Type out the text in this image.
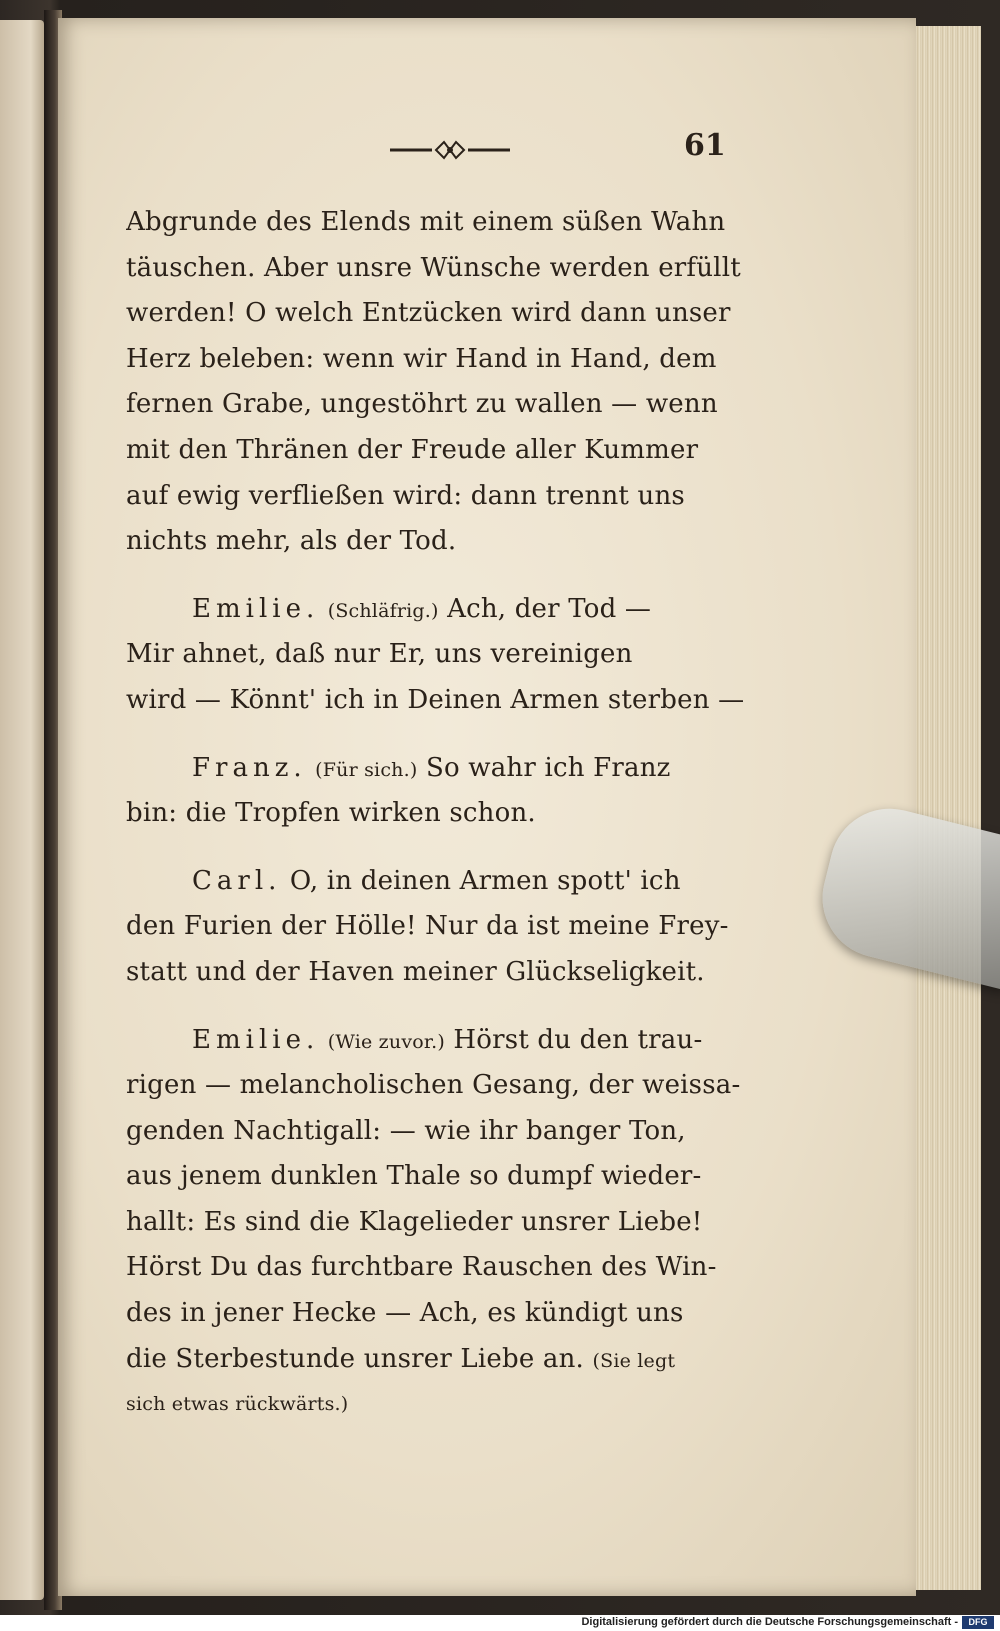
61
Abgrunde des Elends mit einem süßen Wahn
täuschen. Aber unsre Wünsche werden erfüllt
werden! O welch Entzücken wird dann unser
Herz beleben: wenn wir Hand in Hand, dem
fernen Grabe, ungestöhrt zu wallen — wenn
mit den Thränen der Freude aller Kummer
auf ewig verfließen wird: dann trennt uns
nichts mehr, als der Tod.
Emilie. (Schläfrig.) Ach, der Tod —
Mir ahnet, daß nur Er, uns vereinigen
wird — Könnt' ich in Deinen Armen sterben —
Franz. (Für sich.) So wahr ich Franz
bin: die Tropfen wirken schon.
Carl. O, in deinen Armen spott' ich
den Furien der Hölle! Nur da ist meine Frey-
statt und der Haven meiner Glückseligkeit.
Emilie. (Wie zuvor.) Hörst du den trau-
rigen — melancholischen Gesang, der weissa-
genden Nachtigall: — wie ihr banger Ton,
aus jenem dunklen Thale so dumpf wieder-
hallt: Es sind die Klagelieder unsrer Liebe!
Hörst Du das furchtbare Rauschen des Win-
des in jener Hecke — Ach, es kündigt uns
die Sterbestunde unsrer Liebe an. (Sie legt
sich etwas rückwärts.)
Digitalisierung gefördert durch die Deutsche Forschungsgemeinschaft -	DFG
